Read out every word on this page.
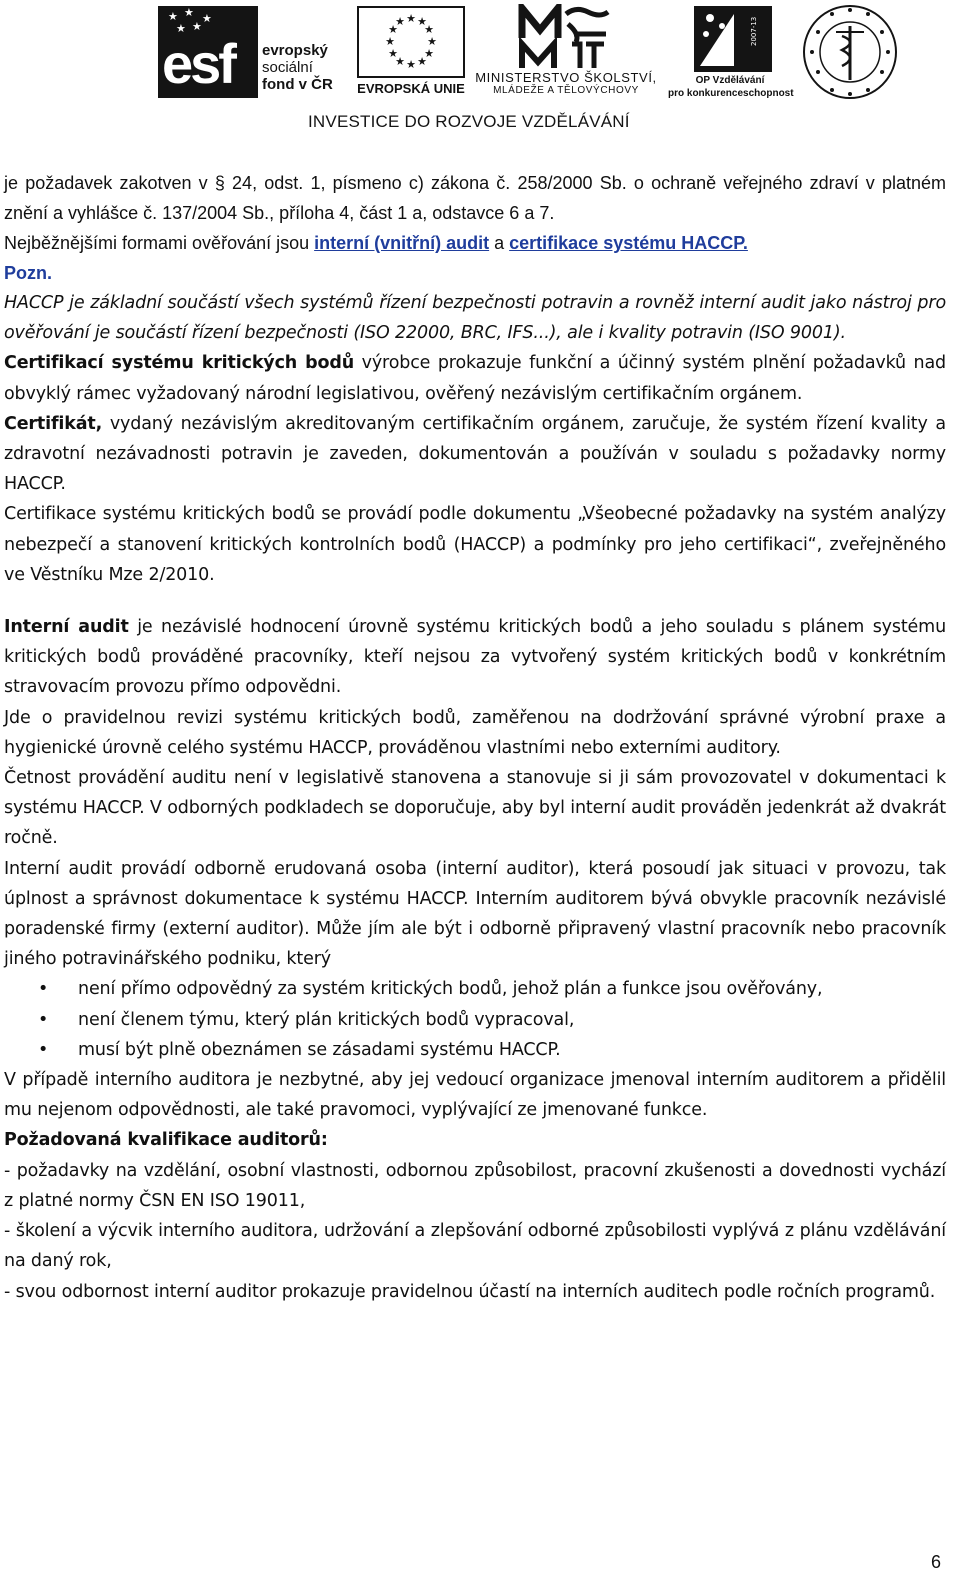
★ ★ ★
★ ★
esf evropský
sociální
fond v ČR
★ ★
★
★
★
★
★
★
★
★
★
★
EVROPSKÁ UNIE
MINISTERSTVO ŠKOLSTVÍ,
MLÁDEŽE A TĚLOVÝCHOVY
2007-13
OP Vzdělávání
pro konkurenceschopnost
INVESTICE DO ROZVOJE VZDĚLÁVÁNÍ

je požadavek zakotven v § 24, odst. 1, písmeno c) zákona č. 258/2000 Sb. o ochraně veřejného zdraví v platném znění a vyhlášce č. 137/2004 Sb., příloha 4, část 1 a, odstavce 6 a 7.

Nejběžnějšími formami ověřování jsou interní (vnitřní) audit a certifikace systému HACCP.

Pozn.

HACCP je základní součástí všech systémů řízení bezpečnosti potravin a rovněž interní audit jako nástroj pro ověřování je součástí řízení bezpečnosti (ISO 22000, BRC, IFS...), ale i kvality potravin (ISO 9001).

Certifikací systému kritických bodů výrobce prokazuje funkční a účinný systém plnění požadavků nad obvyklý rámec vyžadovaný národní legislativou, ověřený nezávislým certifikačním orgánem.

Certifikát, vydaný nezávislým akreditovaným certifikačním orgánem, zaručuje, že systém řízení kvality a zdravotní nezávadnosti potravin je zaveden, dokumentován a používán v souladu s požadavky normy HACCP.

Certifikace systému kritických bodů se provádí podle dokumentu „Všeobecné požadavky na systém analýzy nebezpečí a stanovení kritických kontrolních bodů (HACCP) a podmínky pro jeho certifikaci“, zveřejněného ve Věstníku Mze 2/2010.

Interní audit je nezávislé hodnocení úrovně systému kritických bodů a jeho souladu s plánem systému kritických bodů prováděné pracovníky, kteří nejsou za vytvořený systém kritických bodů v konkrétním stravovacím provozu přímo odpovědni.

Jde o pravidelnou revizi systému kritických bodů, zaměřenou na dodržování správné výrobní praxe a hygienické úrovně celého systému HACCP, prováděnou vlastními nebo externími auditory.

Četnost provádění auditu není v legislativě stanovena a stanovuje si ji sám provozovatel v dokumentaci k systému HACCP. V odborných podkladech se doporučuje, aby byl interní audit prováděn jedenkrát až dvakrát ročně.

Interní audit provádí odborně erudovaná osoba (interní auditor), která posoudí jak situaci v provozu, tak úplnost a správnost dokumentace k systému HACCP. Interním auditorem bývá obvykle pracovník nezávislé poradenské firmy (externí auditor). Může jím ale být i odborně připravený vlastní pracovník nebo pracovník jiného potravinářského podniku, který

• není přímo odpovědný za systém kritických bodů, jehož plán a funkce jsou ověřovány,
• není členem týmu, který plán kritických bodů vypracoval,
• musí být plně obeznámen se zásadami systému HACCP.

V případě interního auditora je nezbytné, aby jej vedoucí organizace jmenoval interním auditorem a přidělil mu nejenom odpovědnosti, ale také pravomoci, vyplývající ze jmenované funkce.

Požadovaná kvalifikace auditorů:

- požadavky na vzdělání, osobní vlastnosti, odbornou způsobilost, pracovní zkušenosti a dovednosti vychází z platné normy ČSN EN ISO 19011,

- školení a výcvik interního auditora, udržování a zlepšování odborné způsobilosti vyplývá z plánu vzdělávání na daný rok,

- svou odbornost interní auditor prokazuje pravidelnou účastí na interních auditech podle ročních programů.

6
